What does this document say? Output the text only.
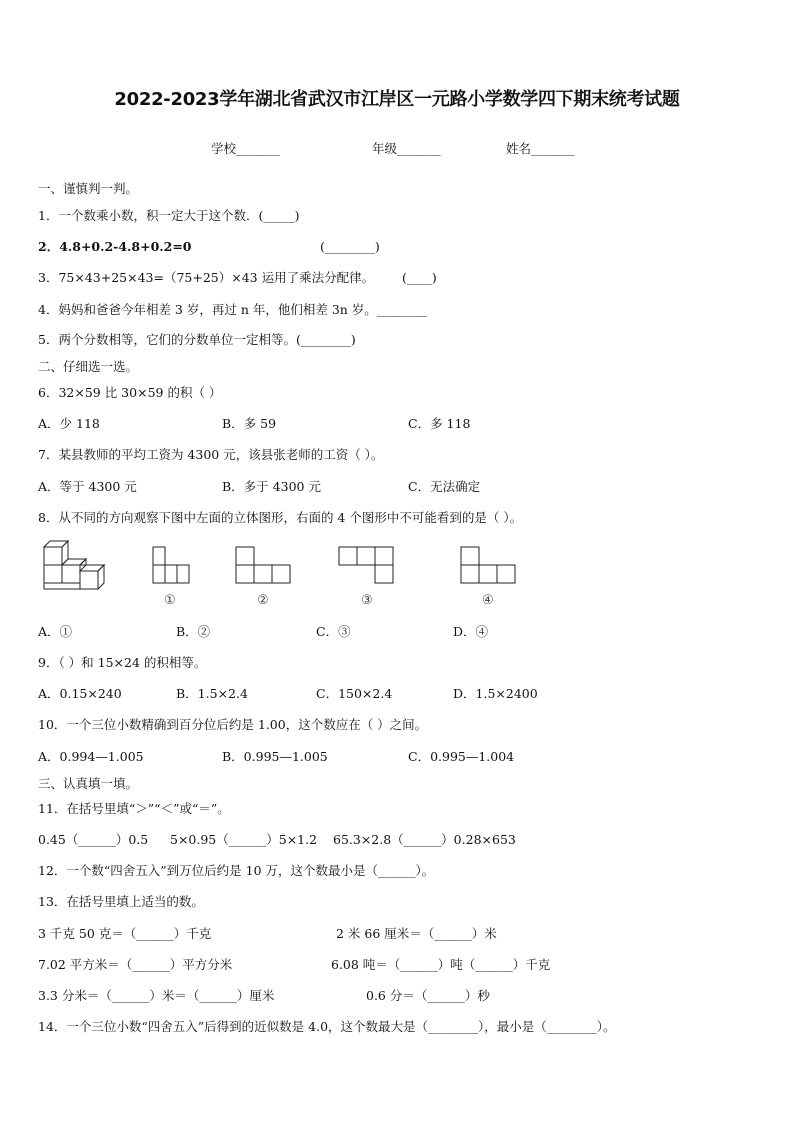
2022-2023学年湖北省武汉市江岸区一元路小学数学四下期末统考试题
学校_______	年级_______	姓名_______
一、谨慎判一判。
1．一个数乘小数，积一定大于这个数．(_____)
2．4.8+0.2-4.8+0.2=0	(________)
3．75×43+25×43=（75+25）×43 运用了乘法分配律。 (____)
4．妈妈和爸爸今年相差 3 岁，再过 n 年，他们相差 3n 岁。________
5．两个分数相等，它们的分数单位一定相等。(________)
二、仔细选一选。
6．32×59 比 30×59 的积（ ）
A．少 118	B．多 59	C．多 118
7．某县教师的平均工资为 4300 元，该县张老师的工资（ ）。
A．等于 4300 元	B．多于 4300 元	C．无法确定
8．从不同的方向观察下图中左面的立体图形，右面的 4 个图形中不可能看到的是（ ）。
①	②	③	④
A．①	B．②	C．③	D．④
9．（ ）和 15×24 的积相等。
A．0.15×240	B．1.5×2.4	C．150×2.4	D．1.5×2400
10．一个三位小数精确到百分位后约是 1.00，这个数应在（ ）之间。
A．0.994—1.005	B．0.995—1.005	C．0.995—1.004
三、认真填一填。
11．在括号里填“＞”“＜”或“＝”。
0.45（______）0.5 5×0.95（______）5×1.2 65.3×2.8（______）0.28×653
12．一个数“四舍五入”到万位后约是 10 万，这个数最小是（______）。
13．在括号里填上适当的数。
3 千克 50 克＝（______）千克	2 米 66 厘米＝（______）米
7.02 平方米＝（______）平方分米	6.08 吨＝（______）吨（______）千克
3.3 分米＝（______）米＝（______）厘米	0.6 分＝（______）秒
14．一个三位小数“四舍五入”后得到的近似数是 4.0，这个数最大是（________），最小是（________）。
